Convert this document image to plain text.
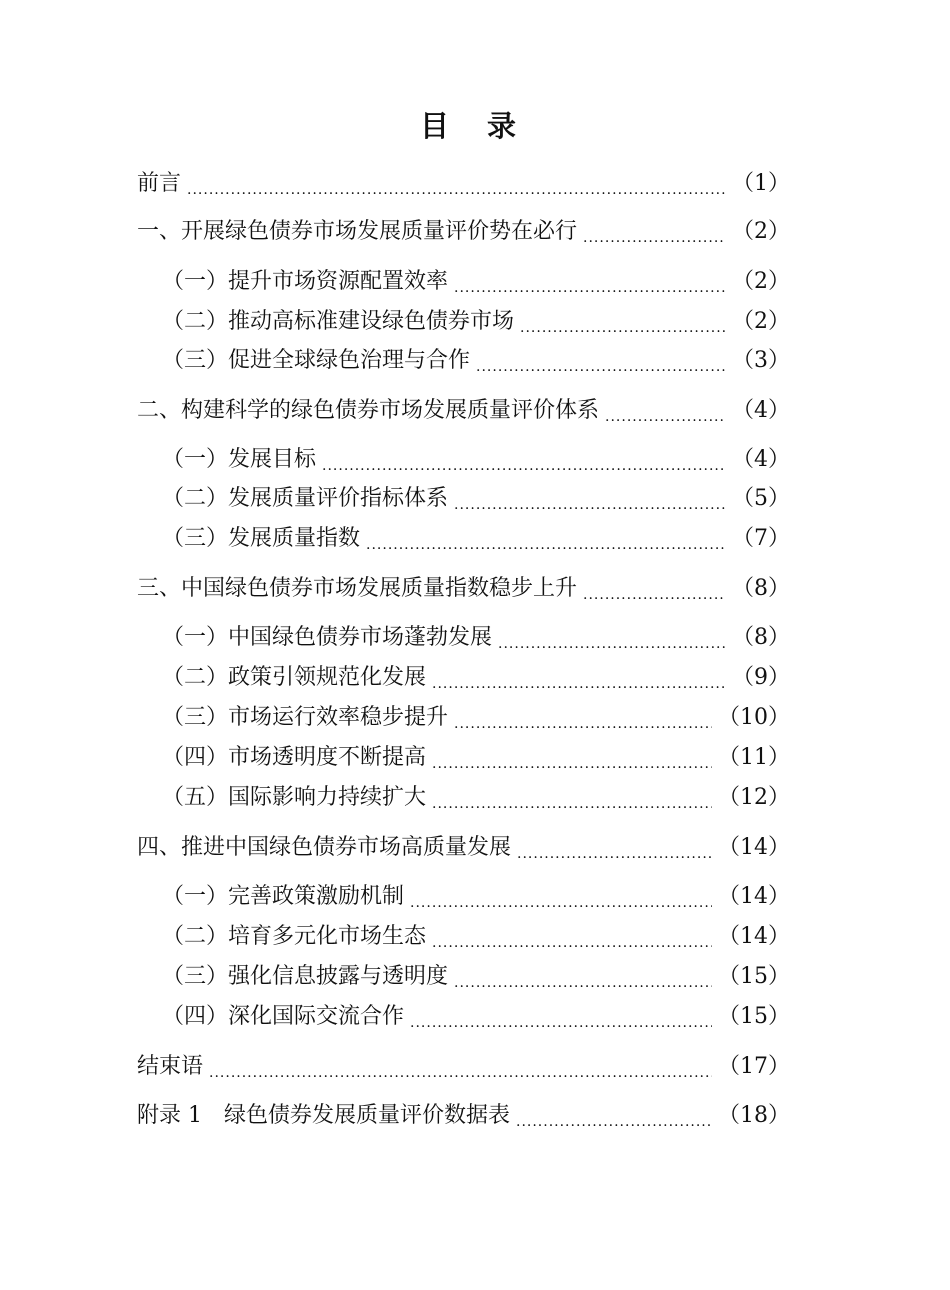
目 录
前言 .....	（1）
一、开展绿色债券市场发展质量评价势在必行 .....	（2）
（一）提升市场资源配置效率 .....	（2）
（二）推动高标准建设绿色债券市场 .....	（2）
（三）促进全球绿色治理与合作 .....	（3）
二、构建科学的绿色债券市场发展质量评价体系 .....	（4）
（一）发展目标 .....	（4）
（二）发展质量评价指标体系 .....	（5）
（三）发展质量指数 .....	（7）
三、中国绿色债券市场发展质量指数稳步上升 .....	（8）
（一）中国绿色债券市场蓬勃发展 .....	（8）
（二）政策引领规范化发展 .....	（9）
（三）市场运行效率稳步提升 .....	（10）
（四）市场透明度不断提高 .....	（11）
（五）国际影响力持续扩大 .....	（12）
四、推进中国绿色债券市场高质量发展 .....	（14）
（一）完善政策激励机制 .....	（14）
（二）培育多元化市场生态 .....	（14）
（三）强化信息披露与透明度 .....	（15）
（四）深化国际交流合作 .....	（15）
结束语 .....	（17）
附录 1　绿色债券发展质量评价数据表 .....	（18）
